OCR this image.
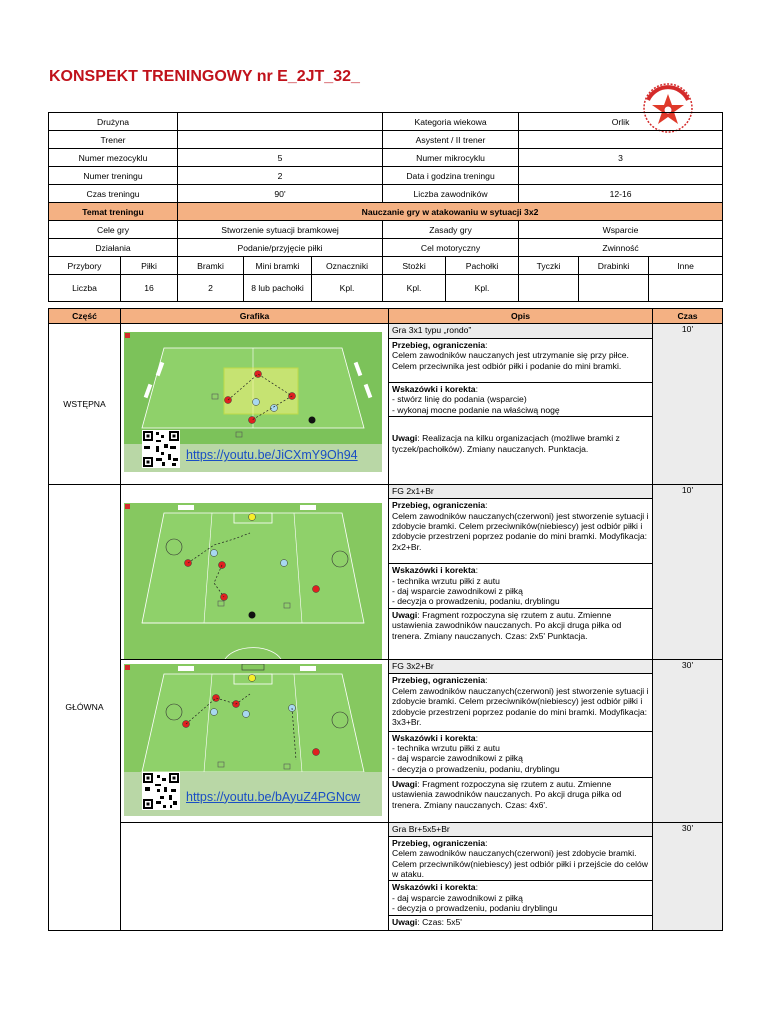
KONSPEKT TRENINGOWY nr E_2JT_32_
Drużyna					Kategoria wiekowa		Orlik		
Trener					Asystent / II trener				
Numer mezocyklu		5			Numer mikrocyklu		3		
Numer treningu		2			Data i godzina treningu				
Czas treningu		90'			Liczba zawodników		12-16		
Temat treningu		Nauczanie gry w atakowaniu w sytuacji 3x2							
Cele gry		Stworzenie sytuacji bramkowej			Zasady gry		Wsparcie		
Działania		Podanie/przyjęcie piłki			Cel motoryczny		Zwinność		
Przybory	Piłki	Bramki	Mini bramki	Oznaczniki	Stożki	Pachołki	Tyczki	Drabinki	Inne
Liczba	16	2	8 lub pachołki	Kpl.	Kpl.	Kpl.			
Część	Grafika	Opis	Czas
WSTĘPNA	https://youtu.be/JiCXmY9Oh94	Gra 3x1 typu „rondo”	10'
		Przebieg, ograniczenia:
Celem zawodników nauczanych jest utrzymanie się przy piłce. Celem przeciwnika jest odbiór piłki i podanie do mini bramki.	
		Wskazówki i korekta:
- stwórz linię do podania (wsparcie)
- wykonaj mocne podanie na właściwą nogę	

		Uwagi: Realizacja na kilku organizacjach (możliwe bramki z tyczek/pachołków). Zmiany nauczanych. Punktacja.	
GŁÓWNA		FG 2x1+Br	10'
		Przebieg, ograniczenia:
Celem zawodników nauczanych(czerwoni) jest stworzenie sytuacji i zdobycie bramki. Celem przeciwników(niebiescy) jest odbiór piłki i zdobycie przestrzeni poprzez podanie do mini bramki. Modyfikacja: 2x2+Br.	
		Wskazówki i korekta:
- technika wrzutu piłki z autu
- daj wsparcie zawodnikowi z piłką
- decyzja o prowadzeniu, podaniu, dryblingu	
		Uwagi: Fragment rozpoczyna się rzutem z autu. Zmienne ustawienia zawodników nauczanych. Po akcji druga piłka od trenera. Zmiany nauczanych. Czas: 2x5' Punktacja.	

	https://youtu.be/bAyuZ4PGNcw	FG 3x2+Br	30'
		Przebieg, ograniczenia:
Celem zawodników nauczanych(czerwoni) jest stworzenie sytuacji i zdobycie bramki. Celem przeciwników(niebiescy) jest odbiór piłki i zdobycie przestrzeni poprzez podanie do mini bramki. Modyfikacja: 3x3+Br.	
		Wskazówki i korekta:
- technika wrzutu piłki z autu
- daj wsparcie zawodnikowi z piłką
- decyzja o prowadzeniu, podaniu, dryblingu	
		Uwagi: Fragment rozpoczyna się rzutem z autu. Zmienne ustawienia zawodników nauczanych. Po akcji druga piłka od trenera. Zmiany nauczanych. Czas: 4x6'.	
		Gra Br+5x5+Br	30'
		Przebieg, ograniczenia:
Celem zawodników nauczanych(czerwoni) jest zdobycie bramki. Celem przeciwników(niebiescy) jest odbiór piłki i przejście do celów w ataku.	
		Wskazówki i korekta:
- daj wsparcie zawodnikowi z piłką
- decyzja o prowadzeniu, podaniu dryblingu	
		Uwagi: Czas: 5x5'	
